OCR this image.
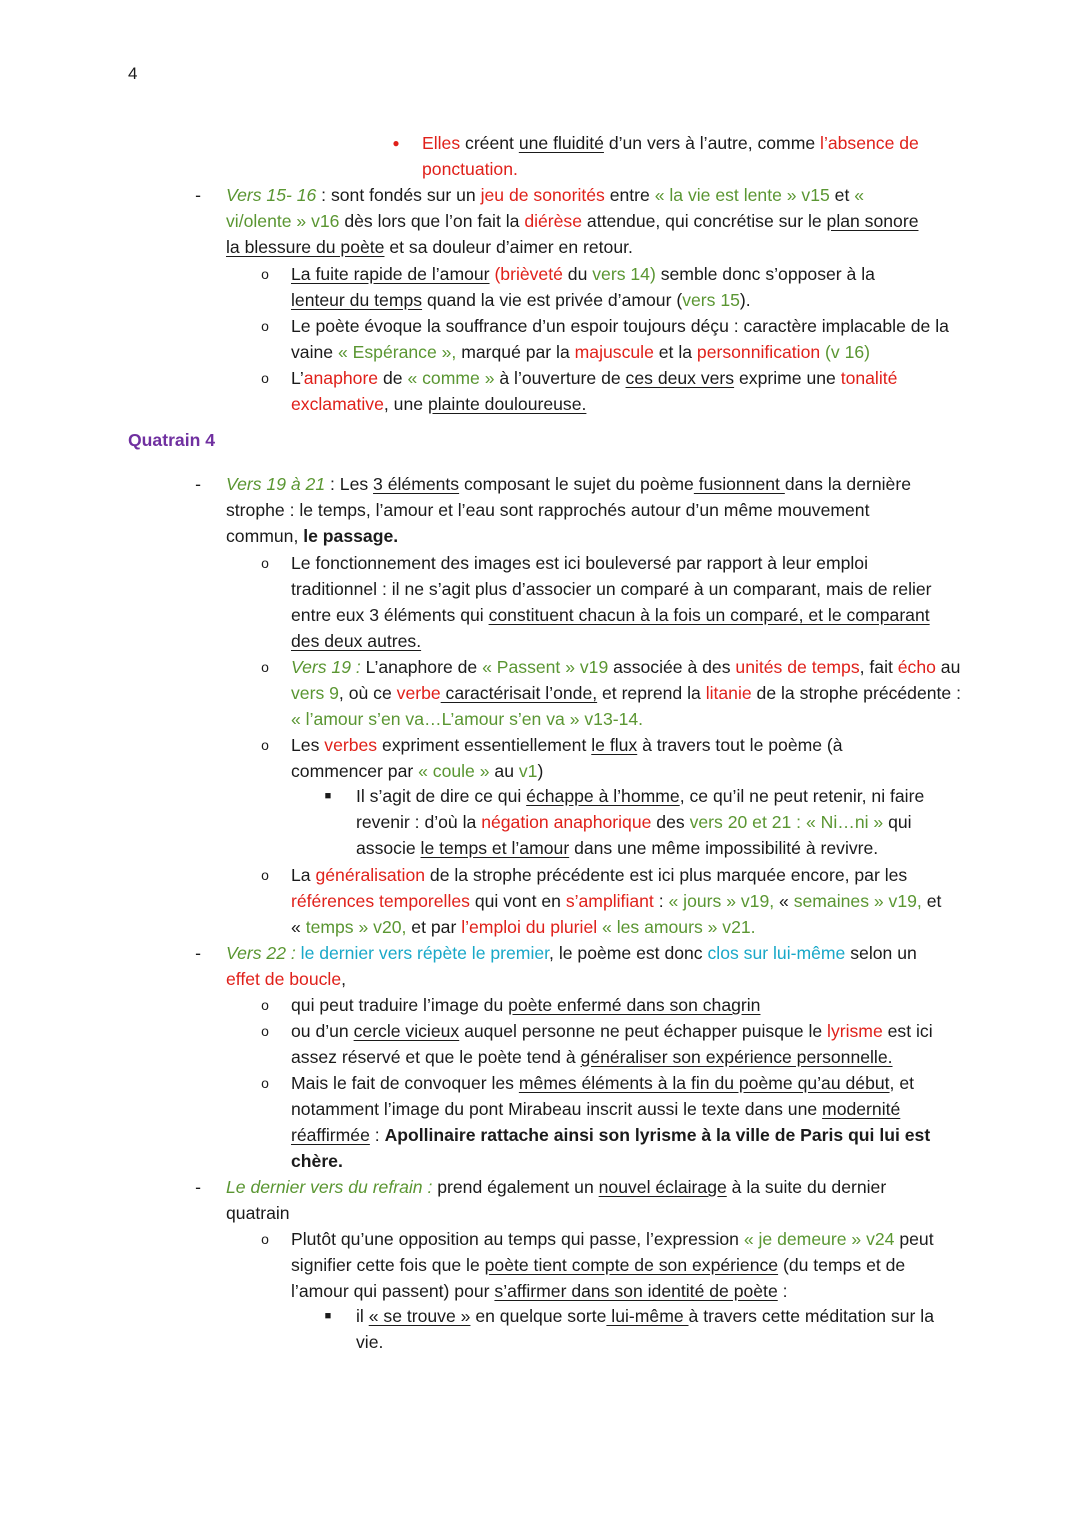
4
●
-
o
o
o
-
o
o
o
■
o
-
o
o
o
-
o
■
Elles créent une fluidité d’un vers à l’autre, comme l’absence de ponctuation.
Vers 15- 16 : sont fondés sur un jeu de sonorités entre « la vie est lente » v15 et « vi/olente » v16 dès lors que l’on fait la diérèse attendue, qui concrétise sur le plan sonore la blessure du poète et sa douleur d’aimer en retour.
La fuite rapide de l’amour (brièveté du vers 14) semble donc s’opposer à la lenteur du temps quand la vie est privée d’amour (vers 15).
Le poète évoque la souffrance d’un espoir toujours déçu : caractère implacable de la vaine « Espérance », marqué par la majuscule et la personnification (v 16)
L’anaphore de « comme » à l’ouverture de ces deux vers exprime une tonalité exclamative, une plainte douloureuse.
Quatrain 4
Vers 19 à 21 : Les 3 éléments composant le sujet du poème fusionnent dans la dernière strophe : le temps, l’amour et l’eau sont rapprochés autour d’un même mouvement commun, le passage.
Le fonctionnement des images est ici bouleversé par rapport à leur emploi traditionnel : il ne s’agit plus d’associer un comparé à un comparant, mais de relier entre eux 3 éléments qui constituent chacun à la fois un comparé, et le comparant des deux autres.
Vers 19 : L’anaphore de « Passent » v19 associée à des unités de temps, fait écho au vers 9, où ce verbe caractérisait l’onde, et reprend la litanie de la strophe précédente : « l’amour s’en va…L’amour s’en va » v13-14.
Les verbes expriment essentiellement le flux à travers tout le poème (à commencer par « coule » au v1)
Il s’agit de dire ce qui échappe à l’homme, ce qu’il ne peut retenir, ni faire revenir : d’où la négation anaphorique des vers 20 et 21 : « Ni…ni » qui associe le temps et l’amour dans une même impossibilité à revivre.
La généralisation de la strophe précédente est ici plus marquée encore, par les références temporelles qui vont en s’amplifiant : « jours » v19, « semaines » v19, et « temps » v20, et par l’emploi du pluriel « les amours » v21.
Vers 22 : le dernier vers répète le premier, le poème est donc clos sur lui-même selon un effet de boucle,
qui peut traduire l’image du poète enfermé dans son chagrin
ou d’un cercle vicieux auquel personne ne peut échapper puisque le lyrisme est ici assez réservé et que le poète tend à généraliser son expérience personnelle.
Mais le fait de convoquer les mêmes éléments à la fin du poème qu’au début, et notamment l’image du pont Mirabeau inscrit aussi le texte dans une modernité réaffirmée : Apollinaire rattache ainsi son lyrisme à la ville de Paris qui lui est chère.
Le dernier vers du refrain : prend également un nouvel éclairage à la suite du dernier quatrain
Plutôt qu’une opposition au temps qui passe, l’expression « je demeure » v24 peut signifier cette fois que le poète tient compte de son expérience (du temps et de l’amour qui passent) pour s’affirmer dans son identité de poète :
il « se trouve » en quelque sorte lui-même à travers cette méditation sur la vie.
